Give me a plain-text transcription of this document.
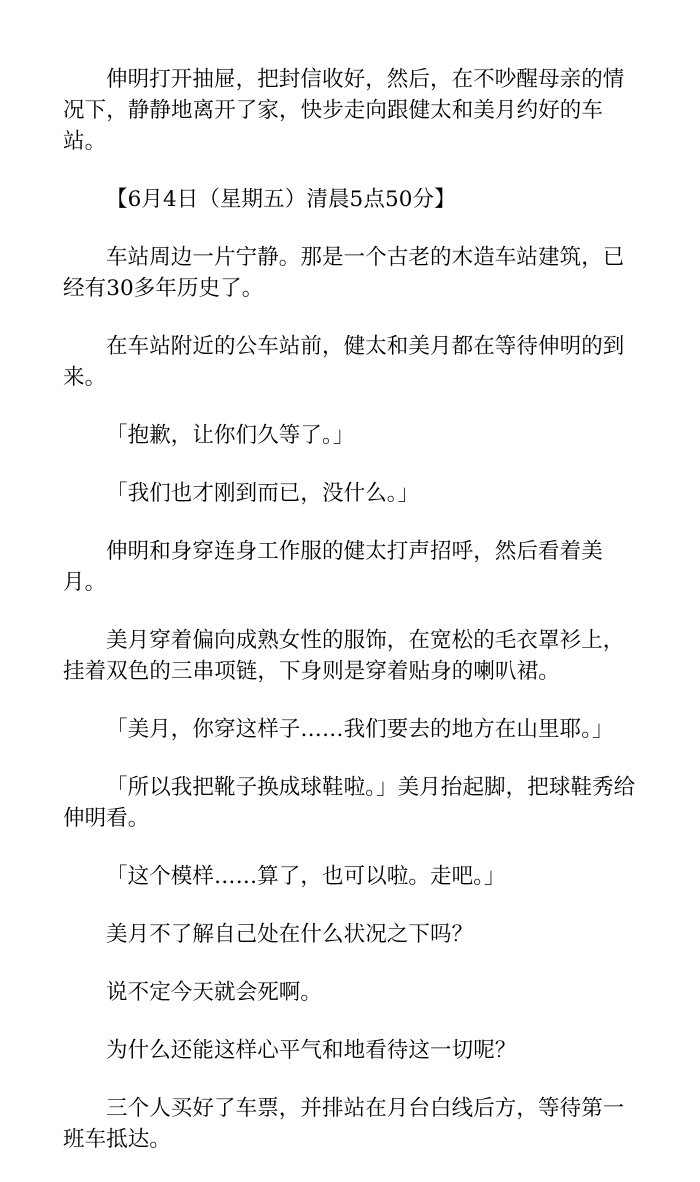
伸明打开抽屉，把封信收好，然后，在不吵醒母亲的情况下，静静地离开了家，快步走向跟健太和美月约好的车站。

【6月4日（星期五）清晨5点50分】

车站周边一片宁静。那是一个古老的木造车站建筑，已经有30多年历史了。

在车站附近的公车站前，健太和美月都在等待伸明的到来。

「抱歉，让你们久等了。」

「我们也才刚到而已，没什么。」

伸明和身穿连身工作服的健太打声招呼，然后看着美月。

美月穿着偏向成熟女性的服饰，在宽松的毛衣罩衫上，挂着双色的三串项链，下身则是穿着贴身的喇叭裙。

「美月，你穿这样子……我们要去的地方在山里耶。」

「所以我把靴子换成球鞋啦。」美月抬起脚，把球鞋秀给伸明看。

「这个模样……算了，也可以啦。走吧。」

美月不了解自己处在什么状况之下吗？

说不定今天就会死啊。

为什么还能这样心平气和地看待这一切呢？

三个人买好了车票，并排站在月台白线后方，等待第一班车抵达。
